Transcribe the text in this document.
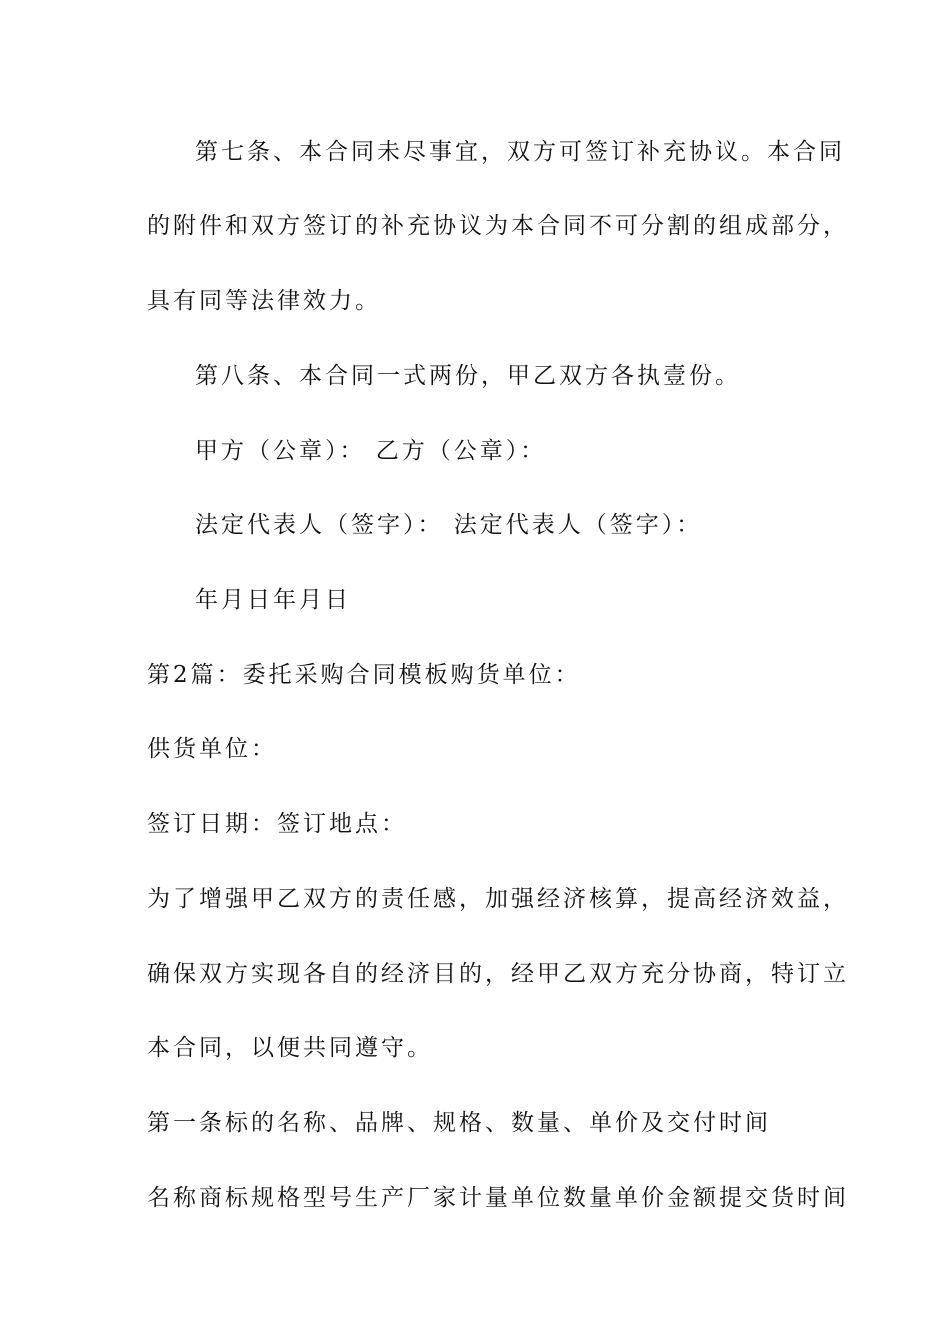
第七条、本合同未尽事宜，双方可签订补充协议。本合同
的附件和双方签订的补充协议为本合同不可分割的组成部分，
具有同等法律效力。
第八条、本合同一式两份，甲乙双方各执壹份。
甲方（公章）： 乙方（公章）：
法定代表人（签字）： 法定代表人（签字）：
年月日年月日
第2篇：委托采购合同模板购货单位：
供货单位：
签订日期：签订地点：
为了增强甲乙双方的责任感，加强经济核算，提高经济效益，
确保双方实现各自的经济目的，经甲乙双方充分协商，特订立
本合同，以便共同遵守。
第一条标的名称、品牌、规格、数量、单价及交付时间
名称商标规格型号生产厂家计量单位数量单价金额提交货时间
